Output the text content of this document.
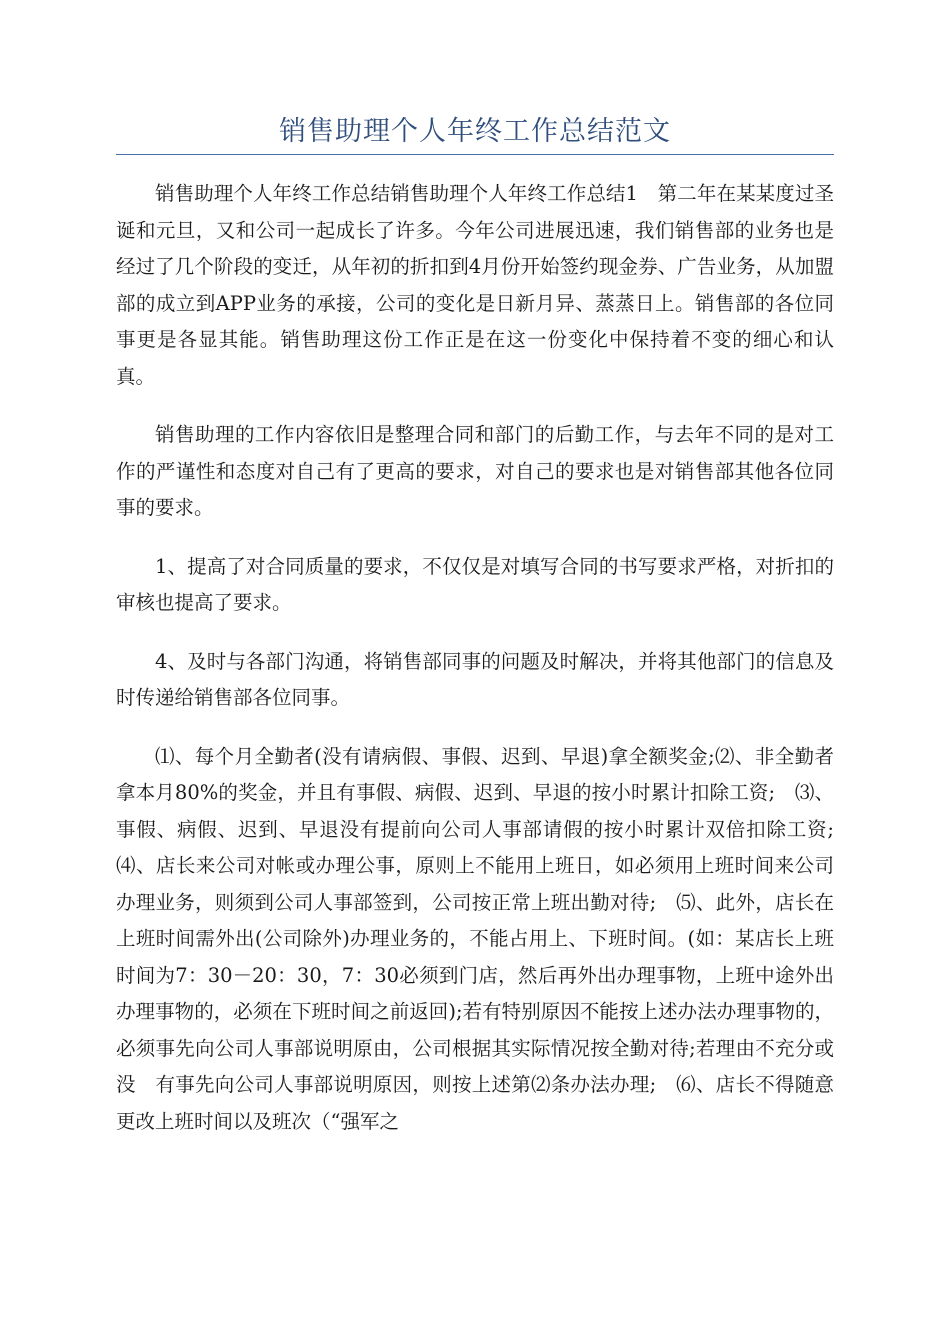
销售助理个人年终工作总结范文

销售助理个人年终工作总结销售助理个人年终工作总结1　第二年在某某度过圣诞和元旦，又和公司一起成长了许多。今年公司进展迅速，我们销售部的业务也是经过了几个阶段的变迁，从年初的折扣到4月份开始签约现金券、广告业务，从加盟部的成立到APP业务的承接，公司的变化是日新月异、蒸蒸日上。销售部的各位同事更是各显其能。销售助理这份工作正是在这一份变化中保持着不变的细心和认真。

销售助理的工作内容依旧是整理合同和部门的后勤工作，与去年不同的是对工作的严谨性和态度对自己有了更高的要求，对自己的要求也是对销售部其他各位同事的要求。

1、提高了对合同质量的要求，不仅仅是对填写合同的书写要求严格，对折扣的审核也提高了要求。

4、及时与各部门沟通，将销售部同事的问题及时解决，并将其他部门的信息及时传递给销售部各位同事。

⑴、每个月全勤者(没有请病假、事假、迟到、早退)拿全额奖金;⑵、非全勤者拿本月80%的奖金，并且有事假、病假、迟到、早退的按小时累计扣除工资;　⑶、事假、病假、迟到、早退没有提前向公司人事部请假的按小时累计双倍扣除工资;　⑷、店长来公司对帐或办理公事，原则上不能用上班日，如必须用上班时间来公司办理业务，则须到公司人事部签到，公司按正常上班出勤对待;　⑸、此外，店长在上班时间需外出(公司除外)办理业务的，不能占用上、下班时间。(如：某店长上班时间为7：30－20：30，7：30必须到门店，然后再外出办理事物，上班中途外出办理事物的，必须在下班时间之前返回);若有特别原因不能按上述办法办理事物的，必须事先向公司人事部说明原由，公司根据其实际情况按全勤对待;若理由不充分或没　有事先向公司人事部说明原因，则按上述第⑵条办法办理;　⑹、店长不得随意更改上班时间以及班次（“强军之
